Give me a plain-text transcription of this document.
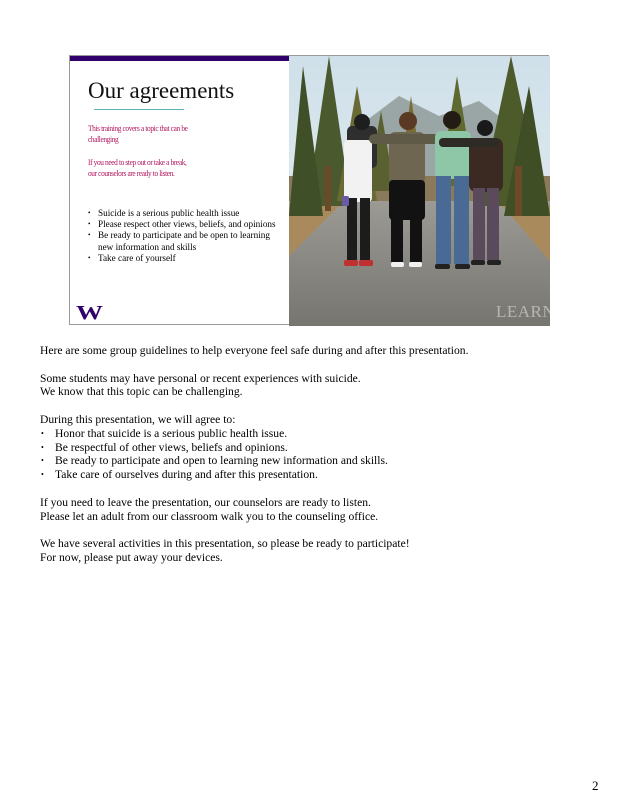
Our agreements
This training covers a topic that can be challenging
If you need to step out or take a break, our counselors are ready to listen.
• Suicide is a serious public health issue
• Please respect other views, beliefs, and opinions
• Be ready to participate and be open to learning new information and skills
• Take care of yourself
W	LEARN

Here are some group guidelines to help everyone feel safe during and after this presentation.

Some students may have personal or recent experiences with suicide.
We know that this topic can be challenging.

During this presentation, we will agree to:
• Honor that suicide is a serious public health issue.
• Be respectful of other views, beliefs and opinions.
• Be ready to participate and open to learning new information and skills.
• Take care of ourselves during and after this presentation.

If you need to leave the presentation, our counselors are ready to listen.
Please let an adult from our classroom walk you to the counseling office.

We have several activities in this presentation, so please be ready to participate!
For now, please put away your devices.

2
